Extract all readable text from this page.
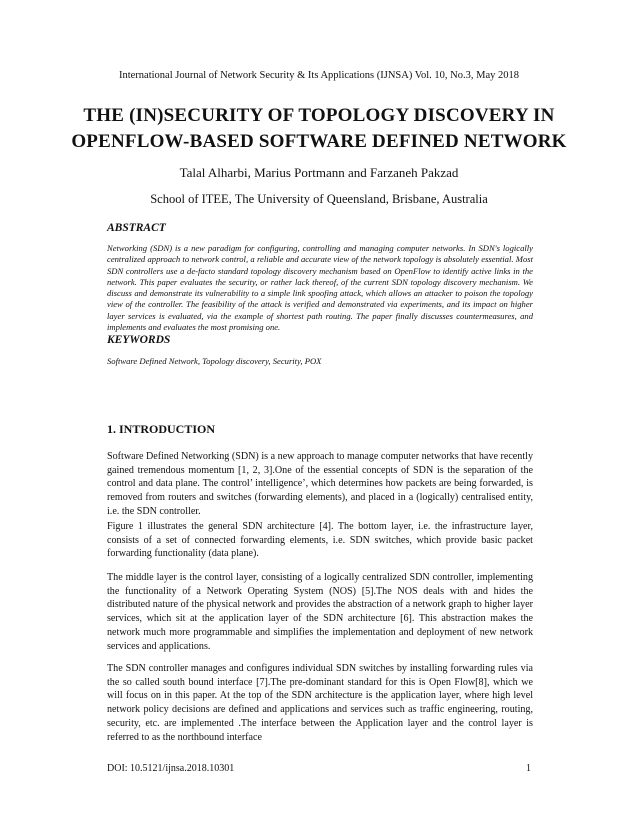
International Journal of Network Security & Its Applications (IJNSA) Vol. 10, No.3, May 2018
THE (IN)SECURITY OF TOPOLOGY DISCOVERY IN
OPENFLOW-BASED SOFTWARE DEFINED NETWORK
Talal Alharbi, Marius Portmann and Farzaneh Pakzad
School of ITEE, The University of Queensland, Brisbane, Australia
ABSTRACT
Networking (SDN) is a new paradigm for configuring, controlling and managing computer networks. In SDN's logically centralized approach to network control, a reliable and accurate view of the network topology is absolutely essential. Most SDN controllers use a de-facto standard topology discovery mechanism based on OpenFlow to identify active links in the network. This paper evaluates the security, or rather lack thereof, of the current SDN topology discovery mechanism. We discuss and demonstrate its vulnerability to a simple link spoofing attack, which allows an attacker to poison the topology view of the controller. The feasibility of the attack is verified and demonstrated via experiments, and its impact on higher layer services is evaluated, via the example of shortest path routing. The paper finally discusses countermeasures, and implements and evaluates the most promising one.
KEYWORDS
Software Defined Network, Topology discovery, Security, POX
1. INTRODUCTION
Software Defined Networking (SDN) is a new approach to manage computer networks that have recently gained tremendous momentum [1, 2, 3].One of the essential concepts of SDN is the separation of the control and data plane. The control’ intelligence’, which determines how packets are being forwarded, is removed from routers and switches (forwarding elements), and placed in a (logically) centralised entity, i.e. the SDN controller.
Figure 1 illustrates the general SDN architecture [4]. The bottom layer, i.e. the infrastructure layer, consists of a set of connected forwarding elements, i.e. SDN switches, which provide basic packet forwarding functionality (data plane).
The middle layer is the control layer, consisting of a logically centralized SDN controller, implementing the functionality of a Network Operating System (NOS) [5].The NOS deals with and hides the distributed nature of the physical network and provides the abstraction of a network graph to higher layer services, which sit at the application layer of the SDN architecture [6]. This abstraction makes the network much more programmable and simplifies the implementation and deployment of new network services and applications.
The SDN controller manages and configures individual SDN switches by installing forwarding rules via the so called south bound interface [7].The pre-dominant standard for this is Open Flow[8], which we will focus on in this paper. At the top of the SDN architecture is the application layer, where high level network policy decisions are defined and applications and services such as traffic engineering, routing, security, etc. are implemented .The interface between the Application layer and the control layer is referred to as the northbound interface
DOI: 10.5121/ijnsa.2018.10301	1
